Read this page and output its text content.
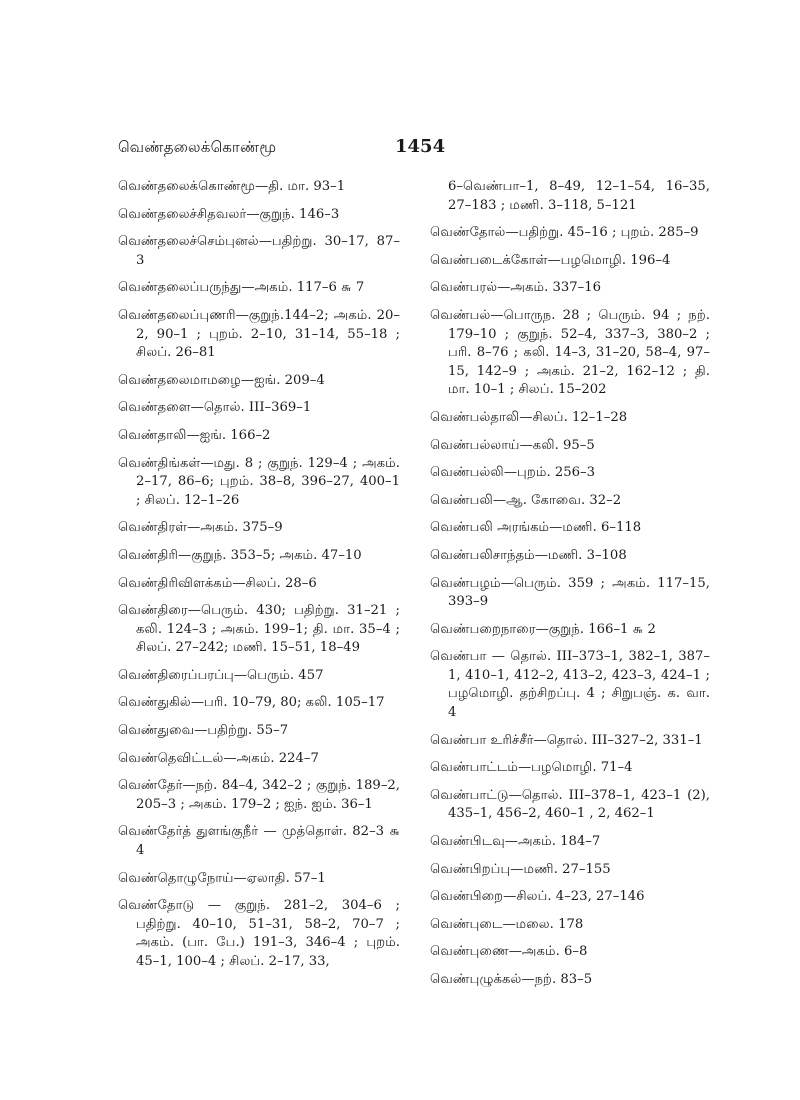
வெண்தலைக்கொண்மூ	1454

வெண்தலைக்கொண்மூ—தி. மா. 93–1

வெண்தலைச்சிதவலர்—குறுந். 146–3

வெண்தலைச்செம்புனல்—பதிற்று. 30–17, 87–3

வெண்தலைப்பருந்து—அகம். 117–6 ௬ 7

வெண்தலைப்புணரி—குறுந்.144–2; அகம். 20–2, 90–1 ; புறம். 2–10, 31–14, 55–18 ; சிலப். 26–81

வெண்தலைமாமழை—ஐங். 209–4

வெண்தளை—தொல். III–369–1

வெண்தாலி—ஐங். 166–2

வெண்திங்கள்—மது. 8 ; குறுந். 129–4 ; அகம். 2–17, 86–6; புறம். 38–8, 396–27, 400–1 ; சிலப். 12–1–26

வெண்திரள்—அகம். 375–9

வெண்திரி—குறுந். 353–5; அகம். 47–10

வெண்திரிவிளக்கம்—சிலப். 28–6

வெண்திரை—பெரும். 430; பதிற்று. 31–21 ; கலி. 124–3 ; அகம். 199–1; தி. மா. 35–4 ; சிலப். 27–242; மணி. 15–51, 18–49

வெண்திரைப்பரப்பு—பெரும். 457

வெண்துகில்—பரி. 10–79, 80; கலி. 105–17

வெண்துவை—பதிற்று. 55–7

வெண்தெவிட்டல்—அகம். 224–7

வெண்தேர்—நற். 84–4, 342–2 ; குறுந். 189–2, 205–3 ; அகம். 179–2 ; ஐந். ஐம். 36–1

வெண்தேர்த் துளங்குநீர் — முத்தொள். 82–3 ௬ 4

வெண்தொழுநோய்—ஏலாதி. 57–1

வெண்தோடு — குறுந். 281–2, 304–6 ; பதிற்று. 40–10, 51–31, 58–2, 70–7 ; அகம். (பா. பே.) 191–3, 346–4 ; புறம். 45–1, 100–4 ; சிலப். 2–17, 33,

6–வெண்பா–1, 8–49, 12–1–54, 16–35, 27–183 ; மணி. 3–118, 5–121

வெண்தோல்—பதிற்று. 45–16 ; புறம். 285–9

வெண்படைக்கோள்—பழமொழி. 196–4

வெண்பரல்—அகம். 337–16

வெண்பல்—பொருந. 28 ; பெரும். 94 ; நற். 179–10 ; குறுந். 52–4, 337–3, 380–2 ; பரி. 8–76 ; கலி. 14–3, 31–20, 58–4, 97–15, 142–9 ; அகம். 21–2, 162–12 ; தி. மா. 10–1 ; சிலப். 15–202

வெண்பல்தாலி—சிலப். 12–1–28

வெண்பல்லாய்—கலி. 95–5

வெண்பல்லி—புறம். 256–3

வெண்பலி—ஆ. கோவை. 32–2

வெண்பலி அரங்கம்—மணி. 6–118

வெண்பலிசாந்தம்—மணி. 3–108

வெண்பழம்—பெரும். 359 ; அகம். 117–15, 393–9

வெண்பறைநாரை—குறுந். 166–1 ௬ 2

வெண்பா — தொல். III–373–1, 382–1, 387–1, 410–1, 412–2, 413–2, 423–3, 424–1 ; பழமொழி. தற்சிறப்பு. 4 ; சிறுபஞ். க. வா. 4

வெண்பா உரிச்சீர்—தொல். III–327–2, 331–1

வெண்பாட்டம்—பழமொழி. 71–4

வெண்பாட்டு—தொல். III–378–1, 423–1 (2), 435–1, 456–2, 460–1 , 2, 462–1

வெண்பிடவு—அகம். 184–7

வெண்பிறப்பு—மணி. 27–155

வெண்பிறை—சிலப். 4–23, 27–146

வெண்புடை—மலை. 178

வெண்புணை—அகம். 6–8

வெண்புழுக்கல்—நற். 83–5
